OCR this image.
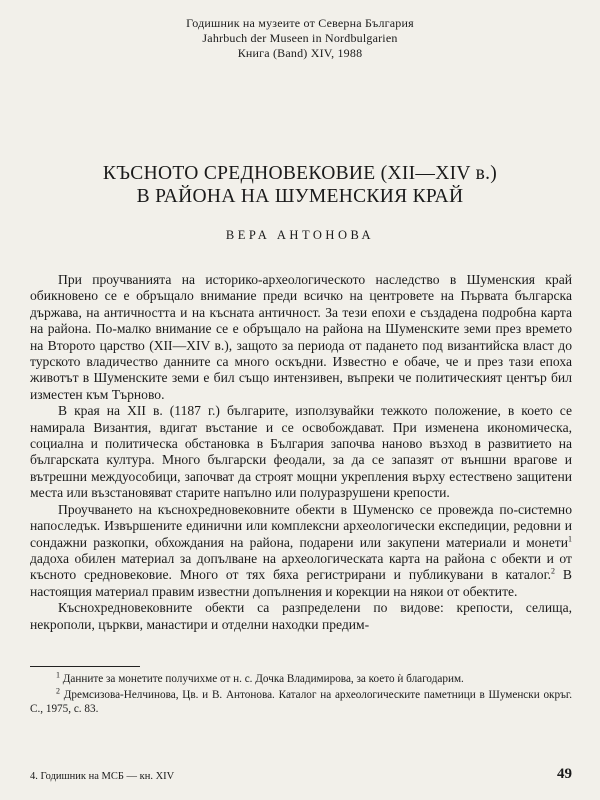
Годишник на музеите от Северна България
Jahrbuch der Museen in Nordbulgarien
Книга (Band) XIV, 1988
КЪСНОТО СРЕДНОВЕКОВИЕ (XII—XIV в.)
В РАЙОНА НА ШУМЕНСКИЯ КРАЙ
ВЕРА АНТОНОВА

При проучванията на историко-археологическото наследство в Шуменския край обикновено се е обръщало внимание преди всичко на центровете на Първата българска държава, на античността и на късната античност. За тези епохи е създадена подробна карта на района. По-малко внимание се е обръщало на района на Шуменските земи през времето на Второто царство (XII—XIV в.), защото за периода от падането под византийска власт до турското владичество данните са много оскъдни. Известно е обаче, че и през тази епоха животът в Шуменските земи е бил също интензивен, въпреки че политическият център бил изместен към Търново.

В края на XII в. (1187 г.) българите, използувайки тежкото положение, в което се намирала Византия, вдигат въстание и се освобождават. При изменена икономическа, социална и политическа обстановка в България започва наново възход в развитието на българската култура. Много български феодали, за да се запазят от външни врагове и вътрешни междуособици, започват да строят мощни укрепления върху естествено защитени места или възстановяват старите напълно или полуразрушени крепости.

Проучването на къснохредновековните обекти в Шуменско се провежда по-системно напоследък. Извършените единични или комплексни археологически експедиции, редовни и сондажни разкопки, обхождания на района, подарени или закупени материали и монети$^1$ дадоха обилен материал за допълване на археологическата карта на района с обекти и от късното средновековие. Много от тях бяха регистрирани и публикувани в каталог.$^2$ В настоящия материал правим известни допълнения и корекции на някои от обектите.

Къснохредновековните обекти са разпределени по видове: крепости, селища, некрополи, църкви, манастири и отделни находки предим-

$^1$ Данните за монетите получихме от н. с. Дочка Владимирова, за което ѝ благодарим.

$^2$ Дремсизова-Нелчинова, Цв. и В. Антонова. Каталог на археологическите паметници в Шуменски окръг. С., 1975, с. 83.

4. Годишник на МСБ — кн. XIV	49
